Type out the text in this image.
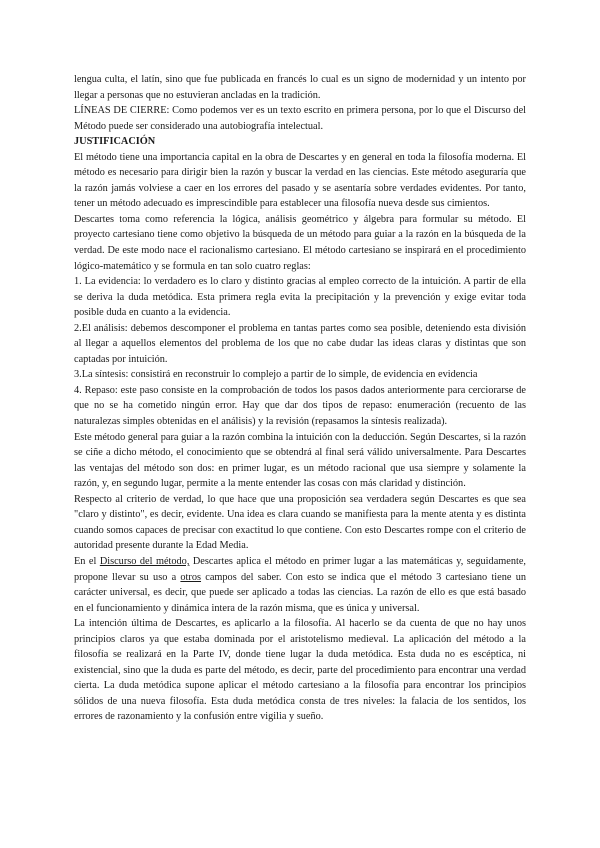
lengua culta, el latín, sino que fue publicada en francés lo cual es un signo de modernidad y un intento por llegar a personas que no estuvieran ancladas en la tradición.

LÍNEAS DE CIERRE: Como podemos ver es un texto escrito en primera persona, por lo que el Discurso del Método puede ser considerado una autobiografía intelectual.

JUSTIFICACIÓN

El método tiene una importancia capital en la obra de Descartes y en general en toda la filosofía moderna. El método es necesario para dirigir bien la razón y buscar la verdad en las ciencias. Este método aseguraría que la razón jamás volviese a caer en los errores del pasado y se asentaría sobre verdades evidentes. Por tanto, tener un método adecuado es imprescindible para establecer una filosofía nueva desde sus cimientos.

Descartes toma como referencia la lógica, análisis geométrico y álgebra para formular su método. El proyecto cartesiano tiene como objetivo la búsqueda de un método para guiar a la razón en la búsqueda de la verdad. De este modo nace el racionalismo cartesiano. El método cartesiano se inspirará en el procedimiento lógico-matemático y se formula en tan solo cuatro reglas:

1. La evidencia: lo verdadero es lo claro y distinto gracias al empleo correcto de la intuición. A partir de ella se deriva la duda metódica. Esta primera regla evita la precipitación y la prevención y exige evitar toda posible duda en cuanto a la evidencia.

2.El análisis: debemos descomponer el problema en tantas partes como sea posible, deteniendo esta división al llegar a aquellos elementos del problema de los que no cabe dudar las ideas claras y distintas que son captadas por intuición.

3.La síntesis: consistirá en reconstruir lo complejo a partir de lo simple, de evidencia en evidencia

4. Repaso: este paso consiste en la comprobación de todos los pasos dados anteriormente para cerciorarse de que no se ha cometido ningún error. Hay que dar dos tipos de repaso: enumeración (recuento de las naturalezas simples obtenidas en el análisis) y la revisión (repasamos la síntesis realizada).

Este método general para guiar a la razón combina la intuición con la deducción. Según Descartes, si la razón se ciñe a dicho método, el conocimiento que se obtendrá al final será válido universalmente. Para Descartes las ventajas del método son dos: en primer lugar, es un método racional que usa siempre y solamente la razón, y, en segundo lugar, permite a la mente entender las cosas con más claridad y distinción.

Respecto al criterio de verdad, lo que hace que una proposición sea verdadera según Descartes es que sea "claro y distinto", es decir, evidente. Una idea es clara cuando se manifiesta para la mente atenta y es distinta cuando somos capaces de precisar con exactitud lo que contiene. Con esto Descartes rompe con el criterio de autoridad presente durante la Edad Media.

En el Discurso del método, Descartes aplica el método en primer lugar a las matemáticas y, seguidamente, propone llevar su uso a otros campos del saber. Con esto se indica que el método 3 cartesiano tiene un carácter universal, es decir, que puede ser aplicado a todas las ciencias. La razón de ello es que está basado en el funcionamiento y dinámica intera de la razón misma, que es única y universal.

La intención última de Descartes, es aplicarlo a la filosofía. Al hacerlo se da cuenta de que no hay unos principios claros ya que estaba dominada por el aristotelismo medieval. La aplicación del método a la filosofía se realizará en la Parte IV, donde tiene lugar la duda metódica. Esta duda no es escéptica, ni existencial, sino que la duda es parte del método, es decir, parte del procedimiento para encontrar una verdad cierta. La duda metódica supone aplicar el método cartesiano a la filosofía para encontrar los principios sólidos de una nueva filosofía. Esta duda metódica consta de tres niveles: la falacia de los sentidos, los errores de razonamiento y la confusión entre vigilia y sueño.
